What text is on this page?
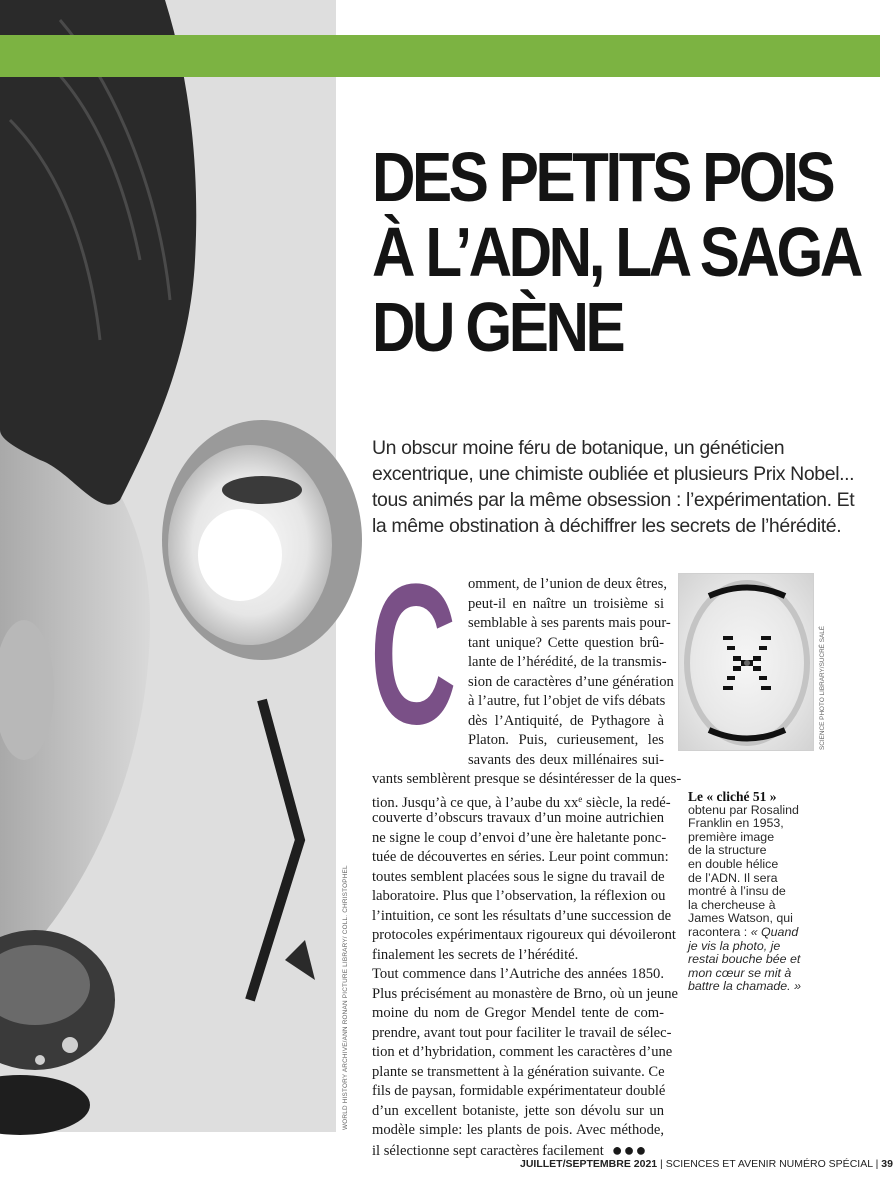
WORLD HISTORY ARCHIVE/ANN RONAN PICTURE LIBRARY/ COLL. CHRISTOPHEL
DES PETITS POIS
À L’ADN, LA SAGA
DU GÈNE
Un obscur moine féru de botanique, un généticien
excentrique, une chimiste oubliée et plusieurs Prix Nobel...
tous animés par la même obsession : l’expérimentation. Et
la même obstination à déchiffrer les secrets de l’hérédité.
C omment, de l’union de deux êtres,
peut-il en naître un troisième si
semblable à ses parents mais pour-
tant unique? Cette question brû-
lante de l’hérédité, de la transmis-
sion de caractères d’une génération
à l’autre, fut l’objet de vifs débats
dès l’Antiquité, de Pythagore à
Platon. Puis, curieusement, les
savants des deux millénaires sui-
vants semblèrent presque se désintéresser de la ques-
tion. Jusqu’à ce que, à l’aube du $xx^e$ siècle, la redé-
couverte d’obscurs travaux d’un moine autrichien
ne signe le coup d’envoi d’une ère haletante ponc-
tuée de découvertes en séries. Leur point commun:
toutes semblent placées sous le signe du travail de
laboratoire. Plus que l’observation, la réflexion ou
l’intuition, ce sont les résultats d’une succession de
protocoles expérimentaux rigoureux qui dévoileront
finalement les secrets de l’hérédité.
Tout commence dans l’Autriche des années 1850.
Plus précisément au monastère de Brno, où un jeune
moine du nom de Gregor Mendel tente de com-
prendre, avant tout pour faciliter le travail de sélec-
tion et d’hybridation, comment les caractères d’une
plante se transmettent à la génération suivante. Ce
fils de paysan, formidable expérimentateur doublé
d’un excellent botaniste, jette son dévolu sur un
modèle simple: les plants de pois. Avec méthode,
il sélectionne sept caractères facilement ●●●
SCIENCE PHOTO LIBRARY/SUCRÉ SALÉ
Le « cliché 51 »
obtenu par Rosalind
Franklin en 1953,
première image
de la structure
en double hélice
de l’ADN. Il sera
montré à l’insu de
la chercheuse à
James Watson, qui
racontera : « Quand
je vis la photo, je
restai bouche bée et
mon cœur se mit à
battre la chamade. »
JUILLET/SEPTEMBRE 2021 | SCIENCES ET AVENIR NUMÉRO SPÉCIAL | 39
